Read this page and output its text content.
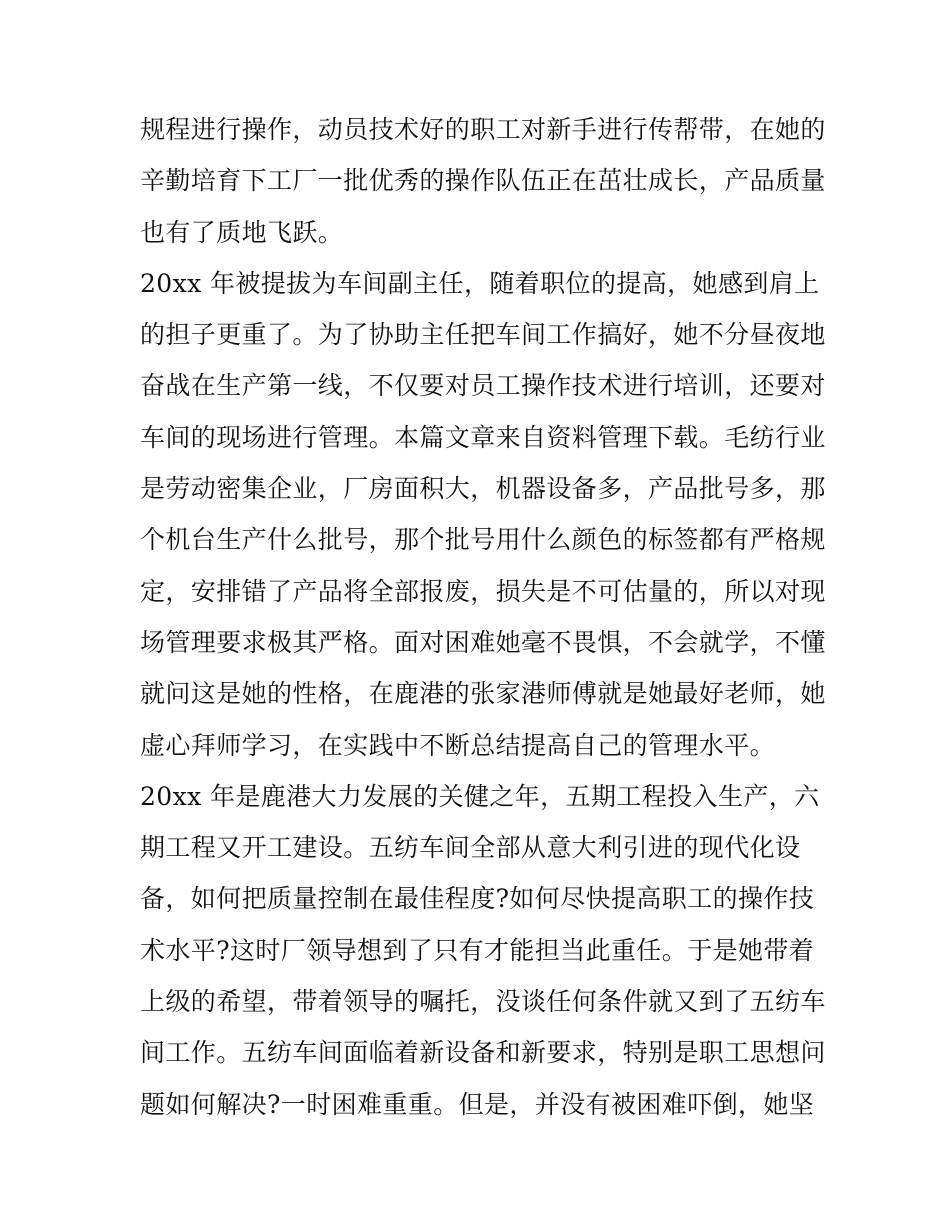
规程进行操作，动员技术好的职工对新手进行传帮带，在她的
辛勤培育下工厂一批优秀的操作队伍正在茁壮成长，产品质量
也有了质地飞跃。
20xx 年被提拔为车间副主任，随着职位的提高，她感到肩上
的担子更重了。为了协助主任把车间工作搞好，她不分昼夜地
奋战在生产第一线，不仅要对员工操作技术进行培训，还要对
车间的现场进行管理。本篇文章来自资料管理下载。毛纺行业
是劳动密集企业，厂房面积大，机器设备多，产品批号多，那
个机台生产什么批号，那个批号用什么颜色的标签都有严格规
定，安排错了产品将全部报废，损失是不可估量的，所以对现
场管理要求极其严格。面对困难她毫不畏惧，不会就学，不懂
就问这是她的性格，在鹿港的张家港师傅就是她最好老师，她
虚心拜师学习，在实践中不断总结提高自己的管理水平。
20xx 年是鹿港大力发展的关健之年，五期工程投入生产，六
期工程又开工建设。五纺车间全部从意大利引进的现代化设
备，如何把质量控制在最佳程度?如何尽快提高职工的操作技
术水平?这时厂领导想到了只有才能担当此重任。于是她带着
上级的希望，带着领导的嘱托，没谈任何条件就又到了五纺车
间工作。五纺车间面临着新设备和新要求，特别是职工思想问
题如何解决?一时困难重重。但是，并没有被困难吓倒，她坚
